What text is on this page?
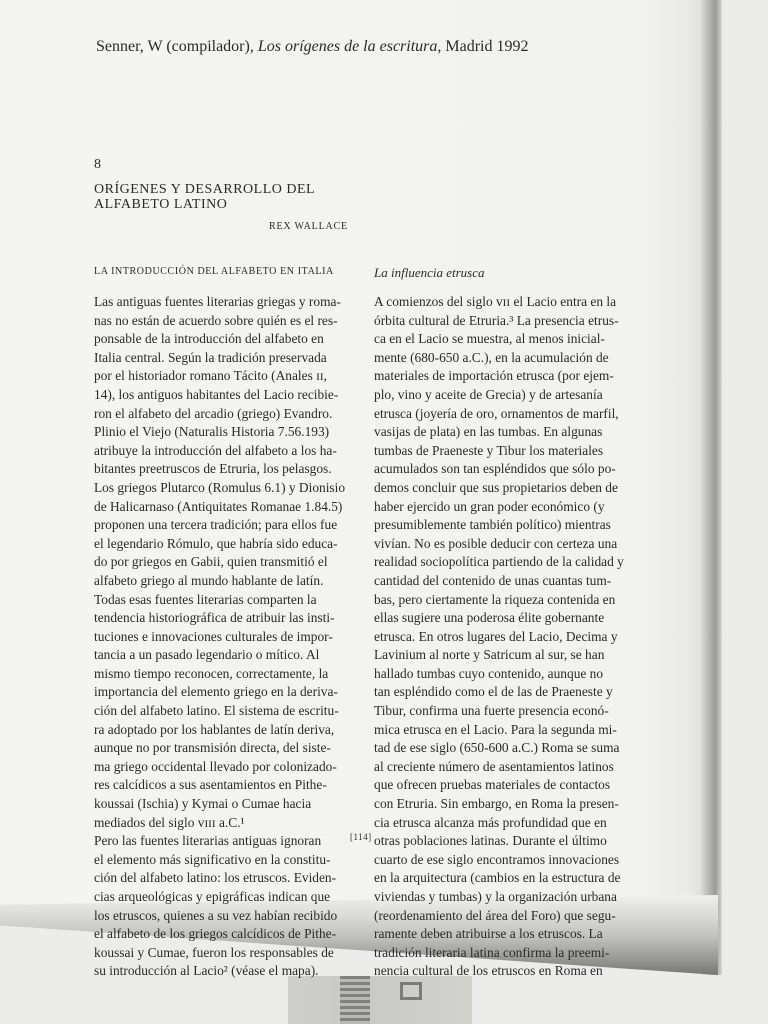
Senner, W (compilador), Los orígenes de la escritura, Madrid 1992
8
ORÍGENES Y DESARROLLO DEL
ALFABETO LATINO
REX WALLACE
LA INTRODUCCIÓN DEL ALFABETO EN ITALIA	La influencia etrusca
Las antiguas fuentes literarias griegas y roma-
nas no están de acuerdo sobre quién es el res-
ponsable de la introducción del alfabeto en
Italia central. Según la tradición preservada
por el historiador romano Tácito (Anales ɪɪ,
14), los antiguos habitantes del Lacio recibie-
ron el alfabeto del arcadio (griego) Evandro.
Plinio el Viejo (Naturalis Historia 7.56.193)
atribuye la introducción del alfabeto a los ha-
bitantes preetruscos de Etruria, los pelasgos.
Los griegos Plutarco (Romulus 6.1) y Dionisio
de Halicarnaso (Antiquitates Romanae 1.84.5)
proponen una tercera tradición; para ellos fue
el legendario Rómulo, que habría sido educa-
do por griegos en Gabii, quien transmitió el
alfabeto griego al mundo hablante de latín.
Todas esas fuentes literarias comparten la
tendencia historiográfica de atribuir las insti-
tuciones e innovaciones culturales de impor-
tancia a un pasado legendario o mítico. Al
mismo tiempo reconocen, correctamente, la
importancia del elemento griego en la deriva-
ción del alfabeto latino. El sistema de escritu-
ra adoptado por los hablantes de latín deriva,
aunque no por transmisión directa, del siste-
ma griego occidental llevado por colonizado-
res calcídicos a sus asentamientos en Pithe-
koussai (Ischia) y Kymai o Cumae hacia
mediados del siglo ᴠɪɪɪ a.C.¹
Pero las fuentes literarias antiguas ignoran
el elemento más significativo en la constitu-
ción del alfabeto latino: los etruscos. Eviden-
cias arqueológicas y epigráficas indican que
los etruscos, quienes a su vez habían recibido
el alfabeto de los griegos calcídicos de Pithe-
koussai y Cumae, fueron los responsables de
su introducción al Lacio² (véase el mapa).
A comienzos del siglo ᴠɪɪ el Lacio entra en la
órbita cultural de Etruria.³ La presencia etrus-
ca en el Lacio se muestra, al menos inicial-
mente (680-650 a.C.), en la acumulación de
materiales de importación etrusca (por ejem-
plo, vino y aceite de Grecia) y de artesanía
etrusca (joyería de oro, ornamentos de marfil,
vasijas de plata) en las tumbas. En algunas
tumbas de Praeneste y Tibur los materiales
acumulados son tan espléndidos que sólo po-
demos concluir que sus propietarios deben de
haber ejercido un gran poder económico (y
presumiblemente también político) mientras
vivían. No es posible deducir con certeza una
realidad sociopolítica partiendo de la calidad y
cantidad del contenido de unas cuantas tum-
bas, pero ciertamente la riqueza contenida en
ellas sugiere una poderosa élite gobernante
etrusca. En otros lugares del Lacio, Decima y
Lavinium al norte y Satricum al sur, se han
hallado tumbas cuyo contenido, aunque no
tan espléndido como el de las de Praeneste y
Tibur, confirma una fuerte presencia econó-
mica etrusca en el Lacio. Para la segunda mi-
tad de ese siglo (650-600 a.C.) Roma se suma
al creciente número de asentamientos latinos
que ofrecen pruebas materiales de contactos
con Etruria. Sin embargo, en Roma la presen-
cia etrusca alcanza más profundidad que en
otras poblaciones latinas. Durante el último
cuarto de ese siglo encontramos innovaciones
en la arquitectura (cambios en la estructura de
viviendas y tumbas) y la organización urbana
(reordenamiento del área del Foro) que segu-
ramente deben atribuirse a los etruscos. La
tradición literaria latina confirma la preemi-
nencia cultural de los etruscos en Roma en
[114]
